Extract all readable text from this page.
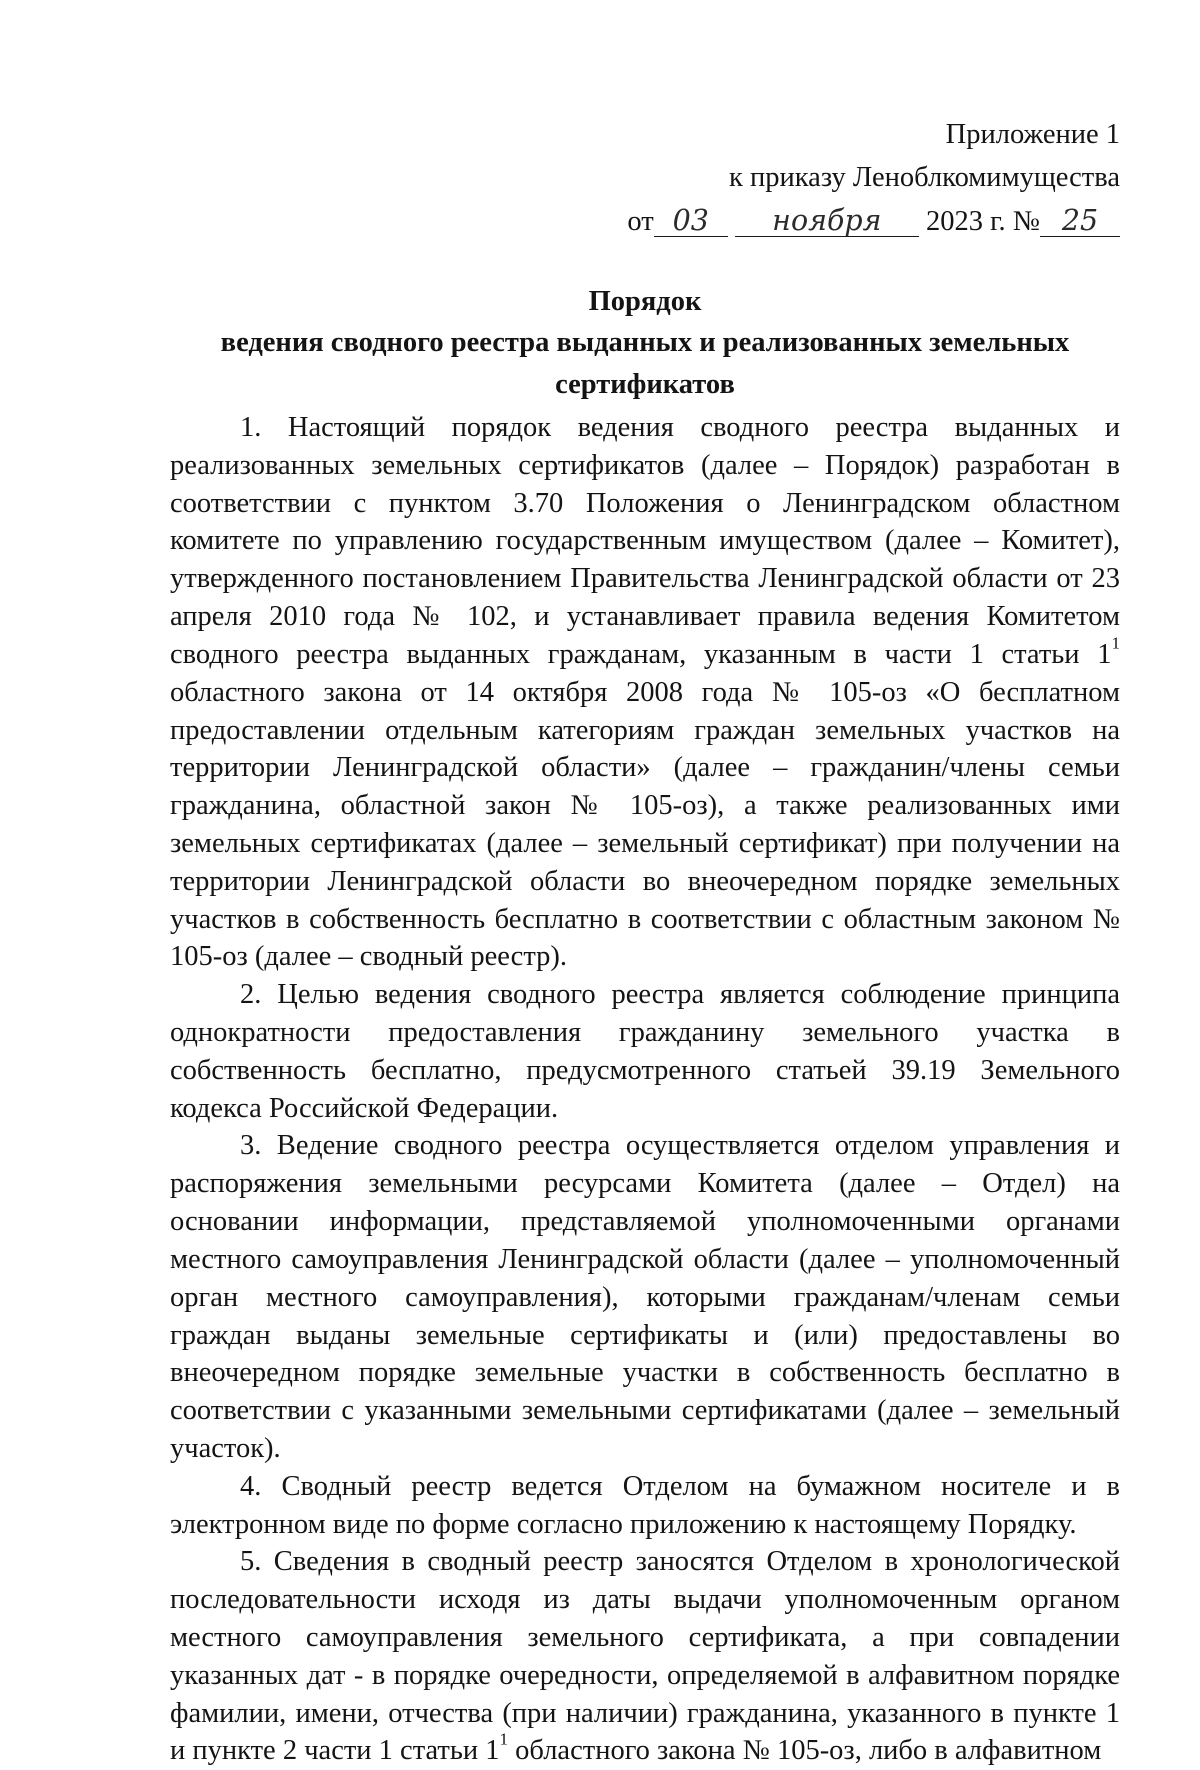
Приложение 1
к приказу Леноблкомимущества
от 03 ноября 2023 г. № 25
Порядок
ведения сводного реестра выданных и реализованных земельных
сертификатов

1. Настоящий порядок ведения сводного реестра выданных и реализованных земельных сертификатов (далее – Порядок) разработан в соответствии с пунктом 3.70 Положения о Ленинградском областном комитете по управлению государственным имуществом (далее – Комитет), утвержденного постановлением Правительства Ленинградской области от 23 апреля 2010 года № 102, и устанавливает правила ведения Комитетом сводного реестра выданных гражданам, указанным в части 1 статьи $1^1$ областного закона от 14 октября 2008 года № 105-оз «О бесплатном предоставлении отдельным категориям граждан земельных участков на территории Ленинградской области» (далее – гражданин/члены семьи гражданина, областной закон № 105-оз), а также реализованных ими земельных сертификатах (далее – земельный сертификат) при получении на территории Ленинградской области во внеочередном порядке земельных участков в собственность бесплатно в соответствии с областным законом № 105-оз (далее – сводный реестр).

2. Целью ведения сводного реестра является соблюдение принципа однократности предоставления гражданину земельного участка в собственность бесплатно, предусмотренного статьей 39.19 Земельного кодекса Российской Федерации.

3. Ведение сводного реестра осуществляется отделом управления и распоряжения земельными ресурсами Комитета (далее – Отдел) на основании информации, представляемой уполномоченными органами местного самоуправления Ленинградской области (далее – уполномоченный орган местного самоуправления), которыми гражданам/членам семьи граждан выданы земельные сертификаты и (или) предоставлены во внеочередном порядке земельные участки в собственность бесплатно в соответствии с указанными земельными сертификатами (далее – земельный участок).

4. Сводный реестр ведется Отделом на бумажном носителе и в электронном виде по форме согласно приложению к настоящему Порядку.

5. Сведения в сводный реестр заносятся Отделом в хронологической последовательности исходя из даты выдачи уполномоченным органом местного самоуправления земельного сертификата, а при совпадении указанных дат - в порядке очередности, определяемой в алфавитном порядке фамилии, имени, отчества (при наличии) гражданина, указанного в пункте 1 и пункте 2 части 1 статьи $1^1$ областного закона № 105-оз, либо в алфавитном
